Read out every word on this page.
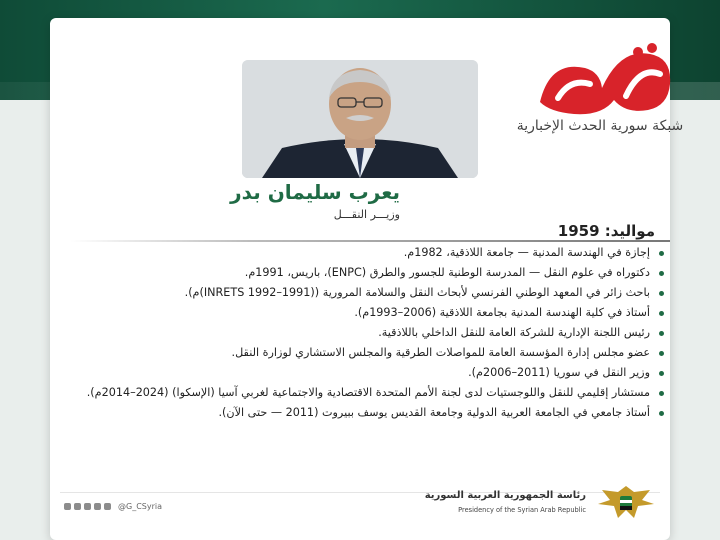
شبكة سورية الحدث الإخبارية
يعرب سليمان بدر
وزيـــر النقـــل
مواليد: 1959
إجازة في الهندسة المدنية — جامعة اللاذقية، 1982م.
دكتوراه في علوم النقل — المدرسة الوطنية للجسور والطرق (ENPC)، باريس، 1991م.
باحث زائر في المعهد الوطني الفرنسي لأبحاث النقل والسلامة المرورية ((INRETS 1992–1991)م).
أستاذ في كلية الهندسة المدنية بجامعة اللاذقية (2006–1993م).
رئيس اللجنة الإدارية للشركة العامة للنقل الداخلي باللاذقية.
عضو مجلس إدارة المؤسسة العامة للمواصلات الطرقية والمجلس الاستشاري لوزارة النقل.
وزير النقل في سوريا (2011–2006م).
مستشار إقليمي للنقل واللوجستيات لدى لجنة الأمم المتحدة الاقتصادية والاجتماعية لغربي آسيا (الإسكوا) (2024–2014م).
أستاذ جامعي في الجامعة العربية الدولية وجامعة القديس يوسف ببيروت (2011 — حتى الآن).
@G_CSyria
رئاسة الجمهورية العربية السورية
Presidency of the Syrian Arab Republic
